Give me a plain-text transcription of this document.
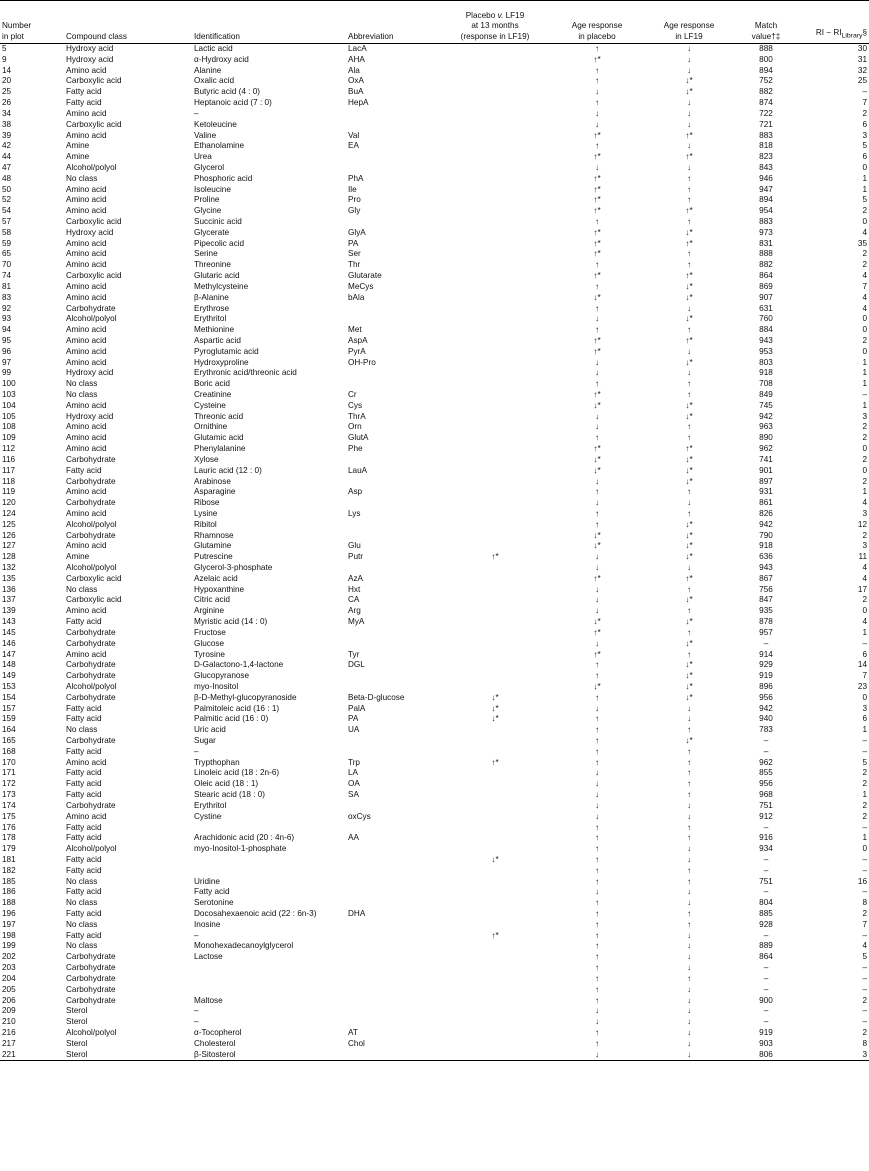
Number
in plot	Compound class	Identification	Abbreviation	Placebo v. LF19
at 13 months
(response in LF19)	Age response
in placebo	Age response
in LF19	Match
value†‡	RI − $RI_{Library}\S$
5	Hydroxy acid	Lactic acid	LacA		↑	↓	888	30
9	Hydroxy acid	α-Hydroxy acid	AHA		↑*	↓	800	31
14	Amino acid	Alanine	Ala		↑	↓	894	32
20	Carboxylic acid	Oxalic acid	OxA		↑	↓*	752	25
25	Fatty acid	Butyric acid (4 : 0)	BuA		↓	↓*	882	–
26	Fatty acid	Heptanoic acid (7 : 0)	HepA		↑	↓	874	7
34	Amino acid	–			↓	↓	722	2
38	Carboxylic acid	Ketoleucine			↓	↓	721	6
39	Amino acid	Valine	Val		↑*	↑*	883	3
42	Amine	Ethanolamine	EA		↑	↓	818	5
44	Amine	Urea			↑*	↑*	823	6
47	Alcohol/polyol	Glycerol			↓	↓	843	0
48	No class	Phosphoric acid	PhA		↑*	↑	946	1
50	Amino acid	Isoleucine	Ile		↑*	↑	947	1
52	Amino acid	Proline	Pro		↑*	↑	894	5
54	Amino acid	Glycine	Gly		↑*	↑*	954	2
57	Carboxylic acid	Succinic acid			↑	↑	883	0
58	Hydroxy acid	Glycerate	GlyA		↑*	↓*	973	4
59	Amino acid	Pipecolic acid	PA		↑*	↑*	831	35
65	Amino acid	Serine	Ser		↑*	↑	888	2
70	Amino acid	Threonine	Thr		↑	↑	882	2
74	Carboxylic acid	Glutaric acid	Glutarate		↑*	↑*	864	4
81	Amino acid	Methylcysteine	MeCys		↑	↓*	869	7
83	Amino acid	β-Alanine	bAla		↓*	↓*	907	4
92	Carbohydrate	Erythrose			↑	↓	631	4
93	Alcohol/polyol	Erythritol			↓	↓*	760	0
94	Amino acid	Methionine	Met		↑	↑	884	0
95	Amino acid	Aspartic acid	AspA		↑*	↑*	943	2
96	Amino acid	Pyroglutamic acid	PyrA		↑*	↓	953	0
97	Amino acid	Hydroxyproline	OH-Pro		↓	↓*	803	1
99	Hydroxy acid	Erythronic acid/threonic acid			↓	↓	918	1
100	No class	Boric acid			↑	↑	708	1
103	No class	Creatinine	Cr		↑*	↑	849	–
104	Amino acid	Cysteine	Cys		↓*	↓*	745	1
105	Hydroxy acid	Threonic acid	ThrA		↓	↓*	942	3
108	Amino acid	Ornithine	Orn		↓	↑	963	2
109	Amino acid	Glutamic acid	GlutA		↑	↑	890	2
112	Amino acid	Phenylalanine	Phe		↑*	↑*	962	0
116	Carbohydrate	Xylose			↓*	↓*	741	2
117	Fatty acid	Lauric acid (12 : 0)	LauA		↓*	↓*	901	0
118	Carbohydrate	Arabinose			↓	↓*	897	2
119	Amino acid	Asparagine	Asp		↑	↑	931	1
120	Carbohydrate	Ribose			↓	↓	861	4
124	Amino acid	Lysine	Lys		↑	↑	826	3
125	Alcohol/polyol	Ribitol			↑	↓*	942	12
126	Carbohydrate	Rhamnose			↓*	↓*	790	2
127	Amino acid	Glutamine	Glu		↓*	↓*	918	3
128	Amine	Putrescine	Putr	↑*	↓	↓*	636	11
132	Alcohol/polyol	Glycerol-3-phosphate			↓	↓	943	4
135	Carboxylic acid	Azelaic acid	AzA		↑*	↑*	867	4
136	No class	Hypoxanthine	Hxt		↓	↑	756	17
137	Carboxylic acid	Citric acid	CA		↓	↓*	847	2
139	Amino acid	Arginine	Arg		↓	↑	935	0
143	Fatty acid	Myristic acid (14 : 0)	MyA		↓*	↓*	878	4
145	Carbohydrate	Fructose			↑*	↑	957	1
146	Carbohydrate	Glucose			↓	↓*	–	–
147	Amino acid	Tyrosine	Tyr		↑*	↑	914	6
148	Carbohydrate	D-Galactono-1,4-lactone	DGL		↑	↓*	929	14
149	Carbohydrate	Glucopyranose			↑	↓*	919	7
153	Alcohol/polyol	myo-Inositol			↓*	↓*	896	23
154	Carbohydrate	β-D-Methyl-glucopyranoside	Beta-D-glucose	↓*	↑	↓*	956	0
157	Fatty acid	Palmitoleic acid (16 : 1)	PalA	↓*	↓	↓	942	3
159	Fatty acid	Palmitic acid (16 : 0)	PA	↓*	↑	↓	940	6
164	No class	Uric acid	UA		↑	↑	783	1
165	Carbohydrate	Sugar			↑	↓*	–	–
168	Fatty acid	–			↑	↑	–	–
170	Amino acid	Trypthophan	Trp	↑*	↑	↑	962	5
171	Fatty acid	Linoleic acid (18 : 2n-6)	LA		↓	↑	855	2
172	Fatty acid	Oleic acid (18 : 1)	OA		↓	↑	956	2
173	Fatty acid	Stearic acid (18 : 0)	SA		↓	↑	968	1
174	Carbohydrate	Erythritol			↓	↓	751	2
175	Amino acid	Cystine	oxCys		↓	↓	912	2
176	Fatty acid				↑	↑	–	–
178	Fatty acid	Arachidonic acid (20 : 4n-6)	AA		↑	↑	916	1
179	Alcohol/polyol	myo-Inositol-1-phosphate			↑	↓	934	0
181	Fatty acid			↓*	↑	↓	–	–
182	Fatty acid				↑	↑	–	–
185	No class	Uridine			↑	↑	751	16
186	Fatty acid	Fatty acid			↓	↓	–	–
188	No class	Serotonine			↑	↓	804	8
196	Fatty acid	Docosahexaenoic acid (22 : 6n-3)	DHA		↑	↑	885	2
197	No class	Inosine			↑	↑	928	7
198	Fatty acid	–		↑*	↑	↓	–	–
199	No class	Monohexadecanoylglycerol			↑	↓	889	4
202	Carbohydrate	Lactose			↑	↓	864	5
203	Carbohydrate				↑	↓	–	–
204	Carbohydrate				↑	↑	–	–
205	Carbohydrate				↑	↓	–	–
206	Carbohydrate	Maltose			↑	↓	900	2
209	Sterol	–			↓	↓	–	–
210	Sterol	–			↓	↓	–	–
216	Alcohol/polyol	α-Tocopherol	AT		↑	↓	919	2
217	Sterol	Cholesterol	Chol		↑	↓	903	8
221	Sterol	β-Sitosterol			↓	↓	806	3
